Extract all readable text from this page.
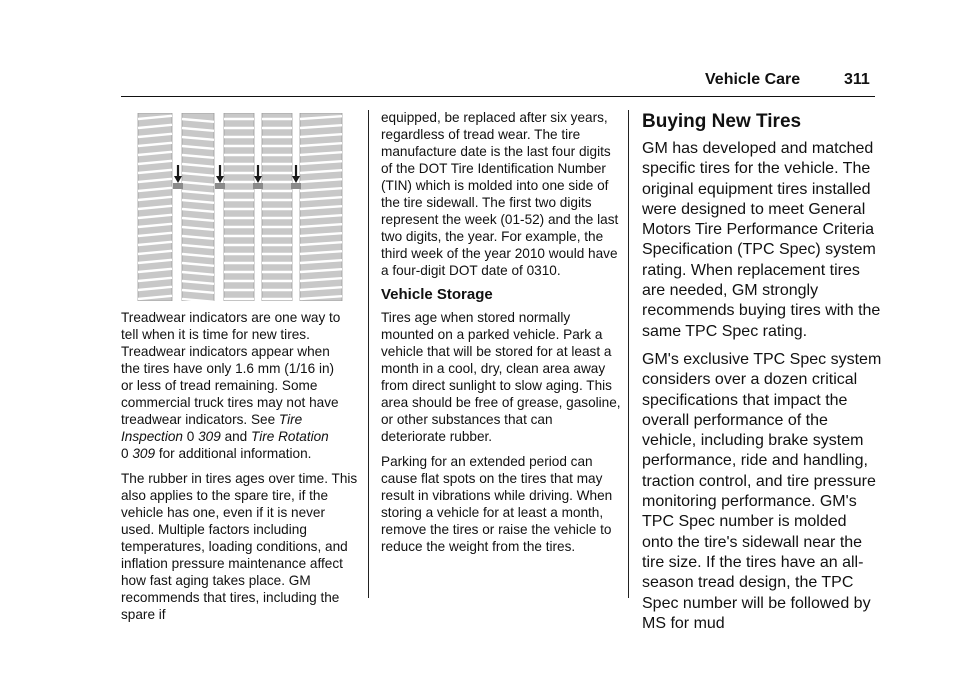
Vehicle Care	311

Treadwear indicators are one way to
tell when it is time for new tires.
Treadwear indicators appear when
the tires have only 1.6 mm (1/16 in)
or less of tread remaining. Some
commercial truck tires may not have
treadwear indicators. See Tire
Inspection 0 309 and Tire Rotation
0 309 for additional information.

The rubber in tires ages over time. This also applies to the spare tire, if the vehicle has one, even if it is never used. Multiple factors including temperatures, loading conditions, and inflation pressure maintenance affect how fast aging takes place. GM recommends that tires, including the spare if

equipped, be replaced after six years, regardless of tread wear. The tire manufacture date is the last four digits of the DOT Tire Identification Number (TIN) which is molded into one side of the tire sidewall. The first two digits represent the week (01-52) and the last two digits, the year. For example, the third week of the year 2010 would have a four-digit DOT date of 0310.

Vehicle Storage

Tires age when stored normally mounted on a parked vehicle. Park a vehicle that will be stored for at least a month in a cool, dry, clean area away from direct sunlight to slow aging. This area should be free of grease, gasoline, or other substances that can deteriorate rubber.

Parking for an extended period can cause flat spots on the tires that may result in vibrations while driving. When storing a vehicle for at least a month, remove the tires or raise the vehicle to reduce the weight from the tires.

Buying New Tires

GM has developed and matched specific tires for the vehicle. The original equipment tires installed were designed to meet General Motors Tire Performance Criteria Specification (TPC Spec) system rating. When replacement tires are needed, GM strongly recommends buying tires with the same TPC Spec rating.

GM's exclusive TPC Spec system considers over a dozen critical specifications that impact the overall performance of the vehicle, including brake system performance, ride and handling, traction control, and tire pressure monitoring performance. GM's TPC Spec number is molded onto the tire's sidewall near the tire size. If the tires have an all-season tread design, the TPC Spec number will be followed by MS for mud
